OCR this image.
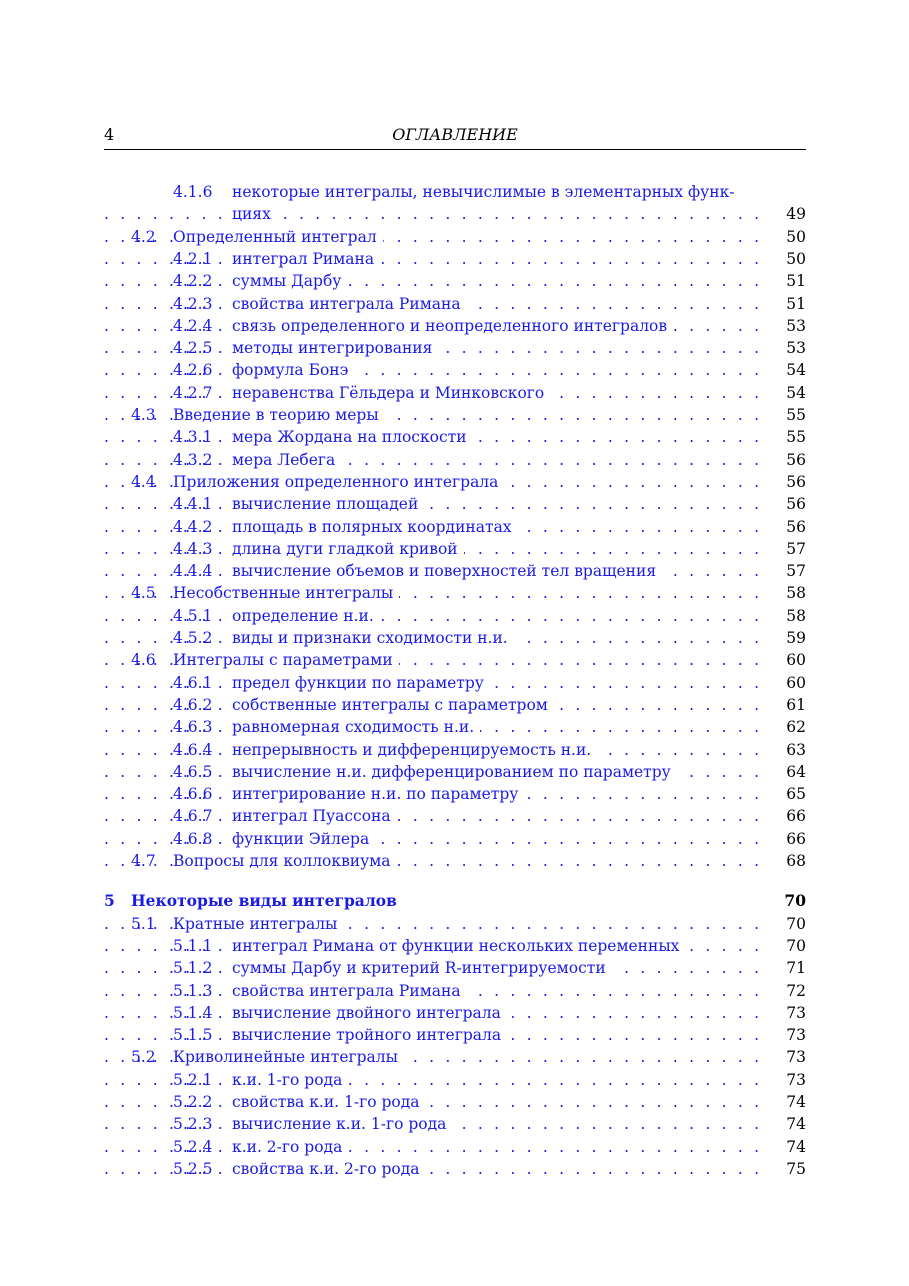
4	ОГЛАВЛЕНИЕ
4.1.6 некоторые интегралы, невычислимые в элементарных функ-
. . .
циях	49
. . .
4.2 Определенный интеграл	50
. . .
4.2.1 интеграл Римана	50
. . .
4.2.2 суммы Дарбу	51
. . .
4.2.3 свойства интеграла Римана	51
. . .
4.2.4 связь определенного и неопределенного интегралов	53
. . .
4.2.5 методы интегрирования	53
. . .
4.2.6 формула Бонэ	54
. . .
4.2.7 неравенства Гёльдера и Минковского	54
. . .
4.3 Введение в теорию меры	55
. . .
4.3.1 мера Жордана на плоскости	55
. . .
4.3.2 мера Лебега	56
. . .
4.4 Приложения определенного интеграла	56
. . .
4.4.1 вычисление площадей	56
. . .
4.4.2 площадь в полярных координатах	56
. . .
4.4.3 длина дуги гладкой кривой	57
. . .
4.4.4 вычисление объемов и поверхностей тел вращения	57
. . .
4.5 Несобственные интегралы	58
. . .
4.5.1 определение н.и.	58
. . .
4.5.2 виды и признаки сходимости н.и.	59
. . .
4.6 Интегралы с параметрами	60
. . .
4.6.1 предел функции по параметру	60
. . .
4.6.2 собственные интегралы с параметром	61
. . .
4.6.3 равномерная сходимость н.и.	62
. . .
4.6.4 непрерывность и дифференцируемость н.и.	63
. . .
4.6.5 вычисление н.и. дифференцированием по параметру	64
. . .
4.6.6 интегрирование н.и. по параметру	65
. . .
4.6.7 интеграл Пуассона	66
. . .
4.6.8 функции Эйлера	66
. . .
4.7 Вопросы для коллоквиума	68
5 Некоторые виды интегралов	70
. . .
5.1 Кратные интегралы	70
. . .
5.1.1 интеграл Римана от функции нескольких переменных	70
. . .
5.1.2 суммы Дарбу и критерий R-интегрируемости	71
. . .
5.1.3 свойства интеграла Римана	72
. . .
5.1.4 вычисление двойного интеграла	73
. . .
5.1.5 вычисление тройного интеграла	73
. . .
5.2 Криволинейные интегралы	73
. . .
5.2.1 к.и. 1-го рода	73
. . .
5.2.2 свойства к.и. 1-го рода	74
. . .
5.2.3 вычисление к.и. 1-го рода	74
. . .
5.2.4 к.и. 2-го рода	74
. . .
5.2.5 свойства к.и. 2-го рода	75
